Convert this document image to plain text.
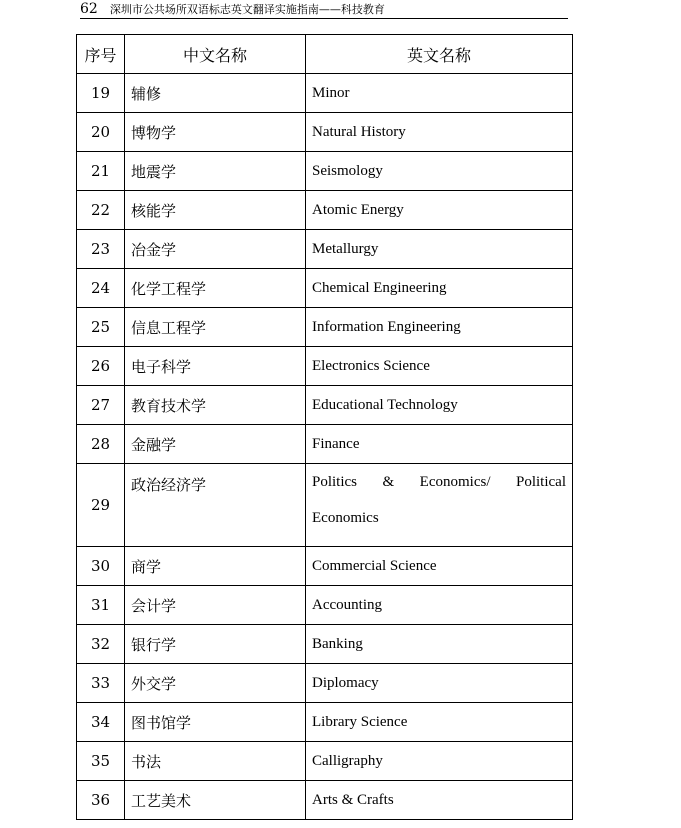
62 深圳市公共场所双语标志英文翻译实施指南——科技教育
序号	中文名称	英文名称
19	辅修	Minor
20	博物学	Natural History
21	地震学	Seismology
22	核能学	Atomic Energy
23	冶金学	Metallurgy
24	化学工程学	Chemical Engineering
25	信息工程学	Information Engineering
26	电子科学	Electronics Science
27	教育技术学	Educational Technology
28	金融学	Finance
29	政治经济学	Politics & Economics/ Political Economics
30	商学	Commercial Science
31	会计学	Accounting
32	银行学	Banking
33	外交学	Diplomacy
34	图书馆学	Library Science
35	书法	Calligraphy
36	工艺美术	Arts & Crafts
